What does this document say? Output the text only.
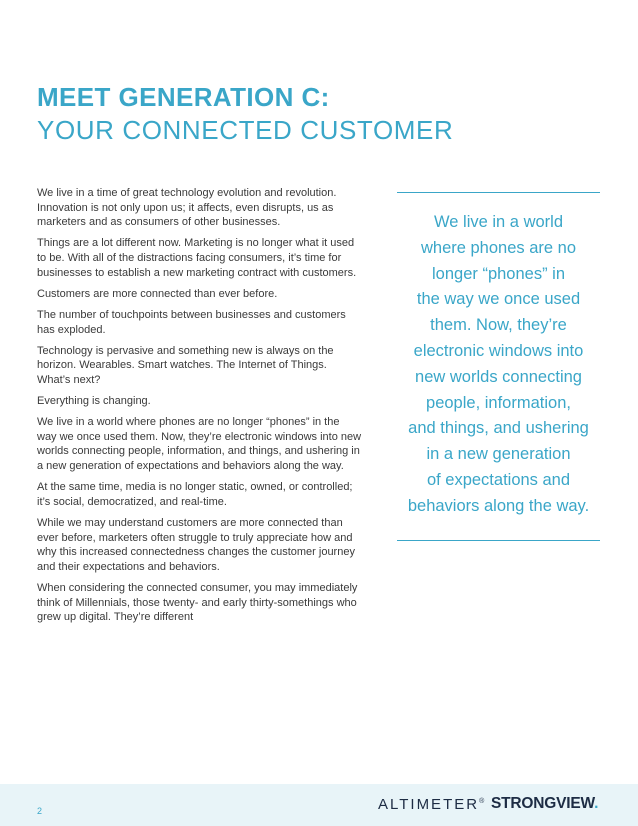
MEET GENERATION C:
YOUR CONNECTED CUSTOMER

We live in a time of great technology evolution and revolution. Innovation is not only upon us; it affects, even disrupts, us as marketers and as consumers of other businesses.

Things are a lot different now. Marketing is no longer what it used to be. With all of the distractions facing consumers, it’s time for businesses to establish a new marketing contract with customers.

Customers are more connected than ever before.

The number of touchpoints between businesses and customers has exploded.

Technology is pervasive and something new is always on the horizon. Wearables. Smart watches. The Internet of Things. What’s next?

Everything is changing.

We live in a world where phones are no longer “phones” in the way we once used them. Now, they’re electronic windows into new worlds connecting people, information, and things, and ushering in a new generation of expectations and behaviors along the way.

At the same time, media is no longer static, owned, or controlled; it’s social, democratized, and real-time.

While we may understand customers are more connected than ever before, marketers often struggle to truly appreciate how and why this increased connectedness changes the customer journey and their expectations and behaviors.

When considering the connected consumer, you may immediately think of Millennials, those twenty- and early thirty-somethings who grew up digital. They’re different

We live in a world
where phones are no
longer “phones” in
the way we once used
them. Now, they’re
electronic windows into
new worlds connecting
people, information,
and things, and ushering
in a new generation
of expectations and
behaviors along the way.
2	ALTIMETER® STRONGVIEW.
